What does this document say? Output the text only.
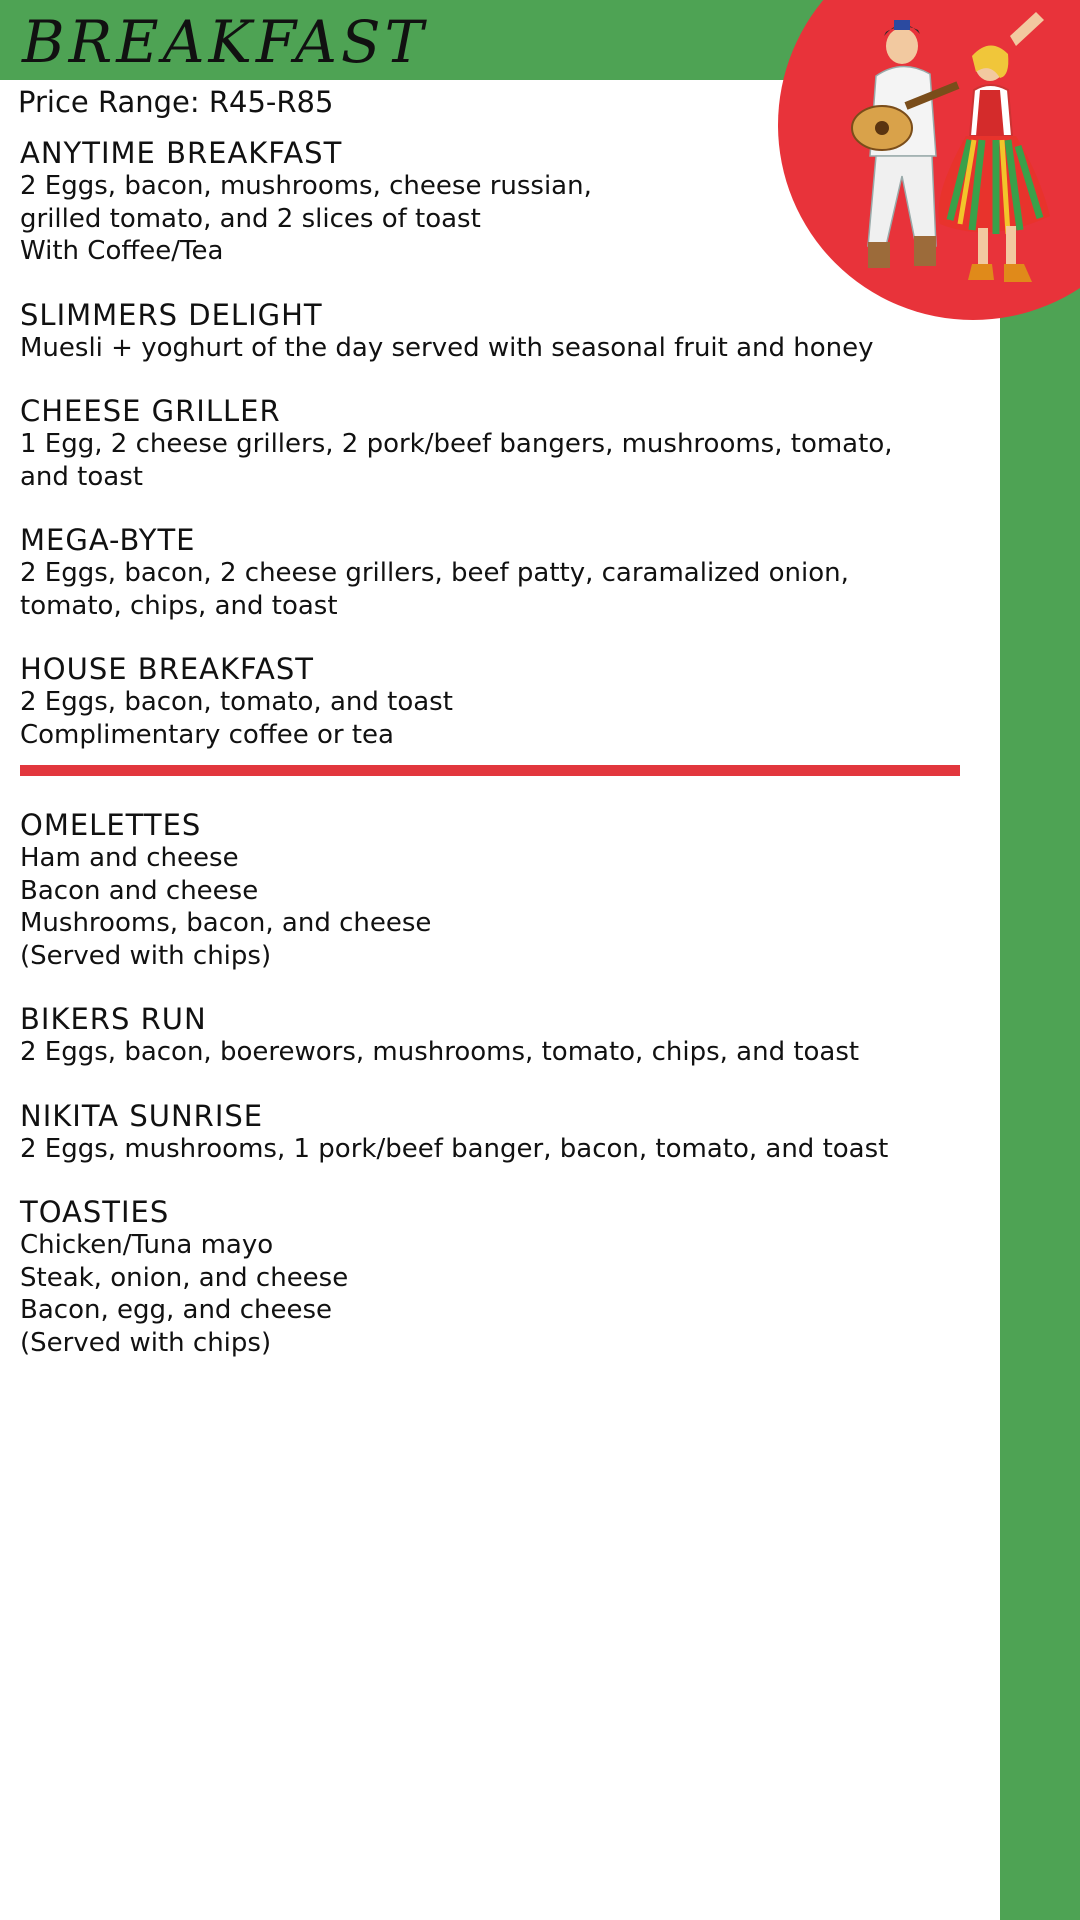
BREAKFAST
Price Range: R45-R85
ANYTIME BREAKFAST
2 Eggs, bacon, mushrooms, cheese russian,
grilled tomato, and 2 slices of toast
With Coffee/Tea
SLIMMERS DELIGHT
Muesli + yoghurt of the day served with seasonal fruit and honey
CHEESE GRILLER
1 Egg, 2 cheese grillers, 2 pork/beef bangers, mushrooms, tomato,
and toast
MEGA-BYTE
2 Eggs, bacon, 2 cheese grillers, beef patty, caramalized onion,
tomato, chips, and toast
HOUSE BREAKFAST
2 Eggs, bacon, tomato, and toast
Complimentary coffee or tea
OMELETTES
Ham and cheese
Bacon and cheese
Mushrooms, bacon, and cheese
(Served with chips)
BIKERS RUN
2 Eggs, bacon, boerewors, mushrooms, tomato, chips, and toast
NIKITA SUNRISE
2 Eggs, mushrooms, 1 pork/beef banger, bacon, tomato, and toast
TOASTIES
Chicken/Tuna mayo
Steak, onion, and cheese
Bacon, egg, and cheese
(Served with chips)
